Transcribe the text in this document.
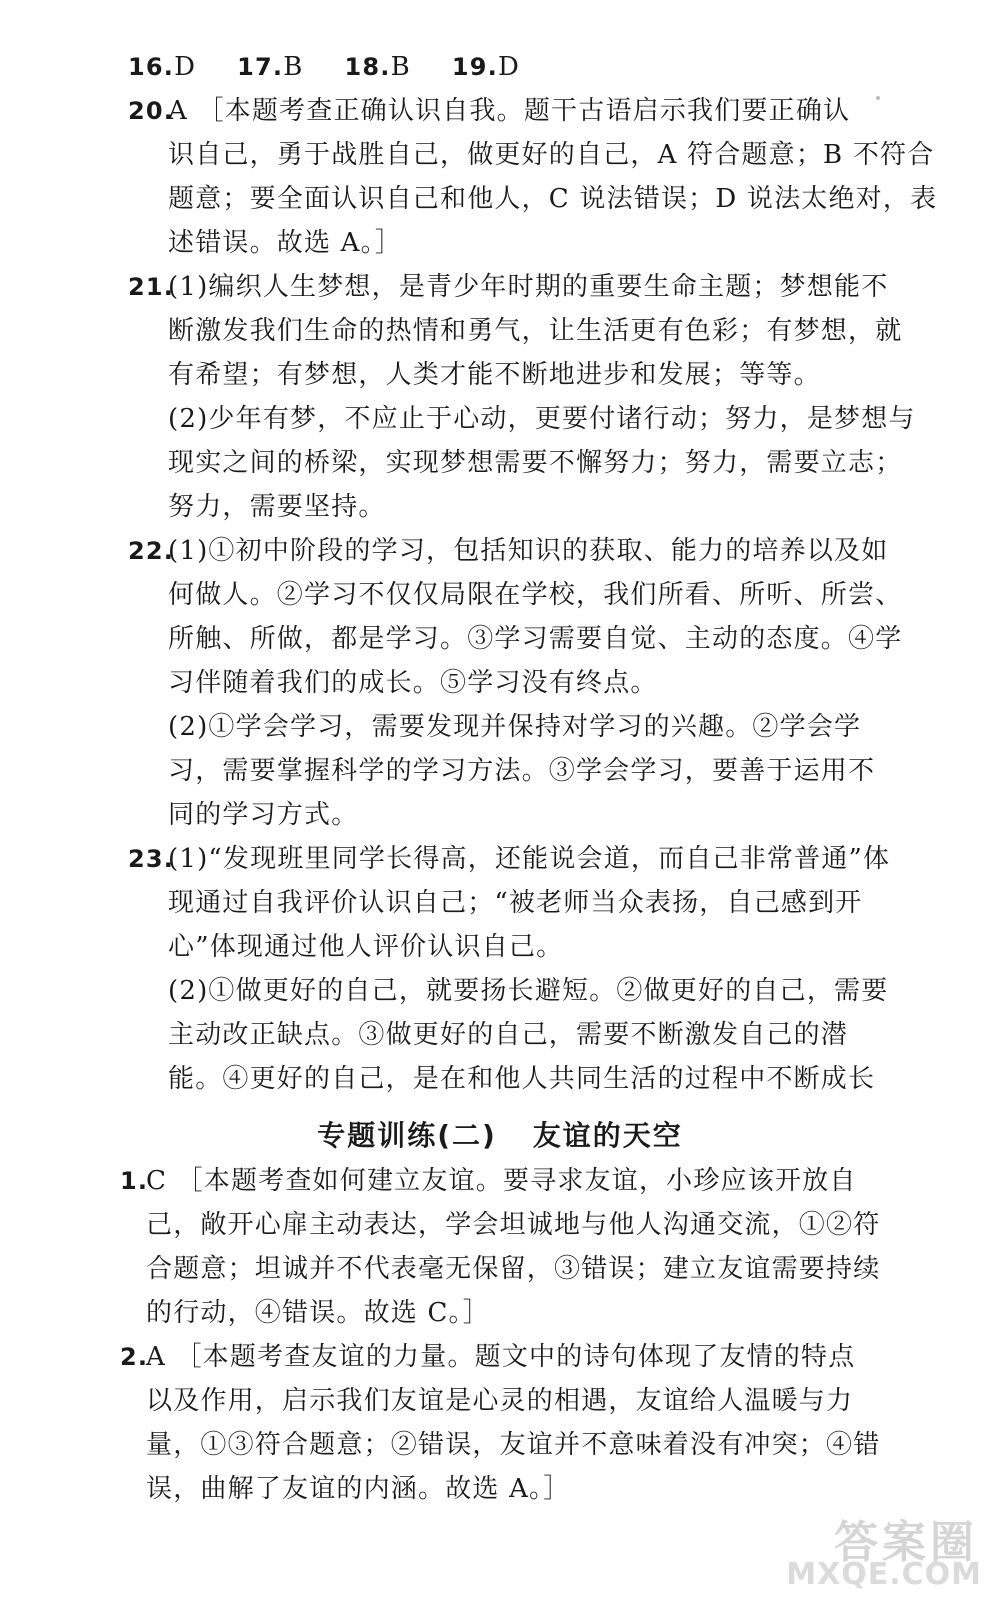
16.D 17.B 18.B 19.D
20.
A ［本题考查正确认识自我。题干古语启示我们要正确认
识自己，勇于战胜自己，做更好的自己，A 符合题意；B 不符合
题意；要全面认识自己和他人，C 说法错误；D 说法太绝对，表
述错误。故选 A。］
21.
(1)编织人生梦想，是青少年时期的重要生命主题；梦想能不
断激发我们生命的热情和勇气，让生活更有色彩；有梦想，就
有希望；有梦想，人类才能不断地进步和发展；等等。
(2)少年有梦，不应止于心动，更要付诸行动；努力，是梦想与
现实之间的桥梁，实现梦想需要不懈努力；努力，需要立志；
努力，需要坚持。
22.
(1)①初中阶段的学习，包括知识的获取、能力的培养以及如
何做人。②学习不仅仅局限在学校，我们所看、所听、所尝、
所触、所做，都是学习。③学习需要自觉、主动的态度。④学
习伴随着我们的成长。⑤学习没有终点。
(2)①学会学习，需要发现并保持对学习的兴趣。②学会学
习，需要掌握科学的学习方法。③学会学习，要善于运用不
同的学习方式。
23.
(1)“发现班里同学长得高，还能说会道，而自己非常普通”体
现通过自我评价认识自己；“被老师当众表扬，自己感到开
心”体现通过他人评价认识自己。
(2)①做更好的自己，就要扬长避短。②做更好的自己，需要
主动改正缺点。③做更好的自己，需要不断激发自己的潜
能。④更好的自己，是在和他人共同生活的过程中不断成长
专题训练(二) 友谊的天空
1.
C ［本题考查如何建立友谊。要寻求友谊，小珍应该开放自
己，敞开心扉主动表达，学会坦诚地与他人沟通交流，①②符
合题意；坦诚并不代表毫无保留，③错误；建立友谊需要持续
的行动，④错误。故选 C。］
2.
A ［本题考查友谊的力量。题文中的诗句体现了友情的特点
以及作用，启示我们友谊是心灵的相遇，友谊给人温暖与力
量，①③符合题意；②错误，友谊并不意味着没有冲突；④错
误，曲解了友谊的内涵。故选 A。］
答案圈
MXQE.COM
